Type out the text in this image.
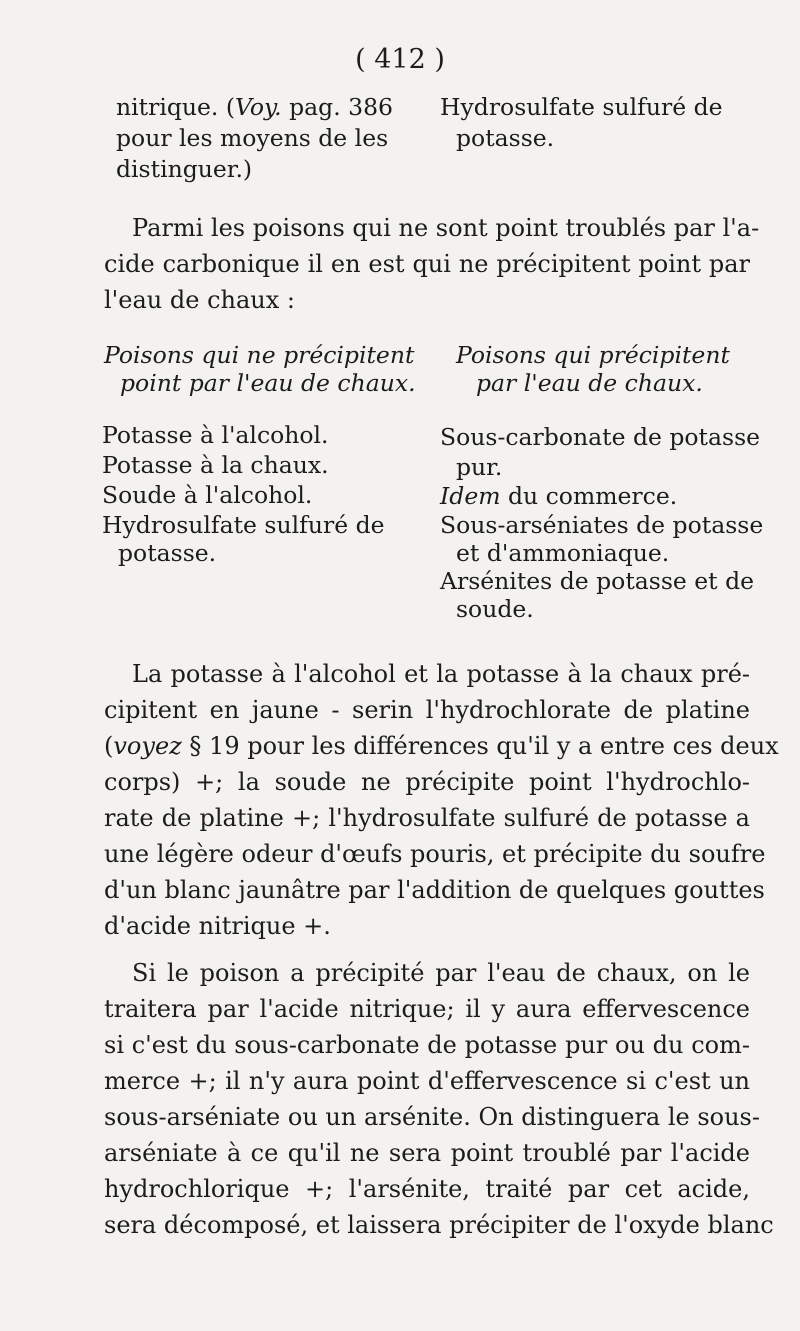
( 412 )
nitrique. (Voy. pag. 386
pour les moyens de les
distinguer.)
Hydrosulfate sulfuré de
potasse.
Parmi les poisons qui ne sont point troublés par l'a-
cide carbonique il en est qui ne précipitent point par
l'eau de chaux :
Poisons qui ne précipitent
point par l'eau de chaux.
Poisons qui précipitent
par l'eau de chaux.
Potasse à l'alcohol.
Potasse à la chaux.
Soude à l'alcohol.
Hydrosulfate sulfuré de
potasse.
Sous-carbonate de potasse
pur.
Idem du commerce.
Sous-arséniates de potasse
et d'ammoniaque.
Arsénites de potasse et de
soude.
La potasse à l'alcohol et la potasse à la chaux pré-
cipitent en jaune - serin l'hydrochlorate de platine
(voyez § 19 pour les différences qu'il y a entre ces deux
corps) +; la soude ne précipite point l'hydrochlo-
rate de platine +; l'hydrosulfate sulfuré de potasse a
une légère odeur d'œufs pouris, et précipite du soufre
d'un blanc jaunâtre par l'addition de quelques gouttes
d'acide nitrique +.
Si le poison a précipité par l'eau de chaux, on le
traitera par l'acide nitrique; il y aura effervescence
si c'est du sous-carbonate de potasse pur ou du com-
merce +; il n'y aura point d'effervescence si c'est un
sous-arséniate ou un arsénite. On distinguera le sous-
arséniate à ce qu'il ne sera point troublé par l'acide
hydrochlorique +; l'arsénite, traité par cet acide,
sera décomposé, et laissera précipiter de l'oxyde blanc
